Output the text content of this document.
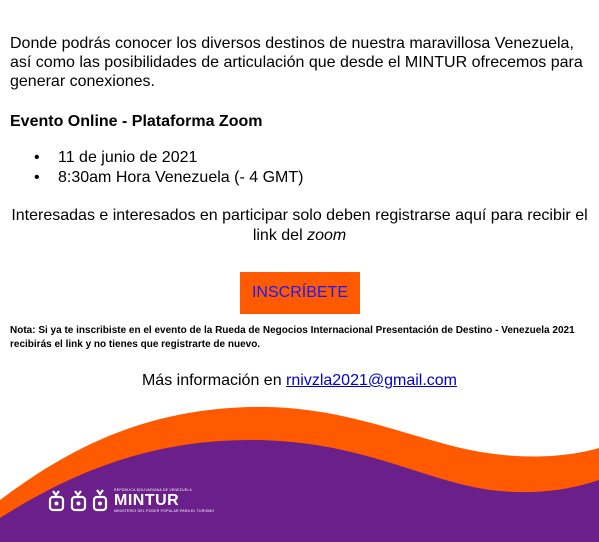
Donde podrás conocer los diversos destinos de nuestra maravillosa Venezuela, así como las posibilidades de articulación que desde el MINTUR ofrecemos para generar conexiones.

Evento Online - Plataforma Zoom

• 11 de junio de 2021
• 8:30am Hora Venezuela (- 4 GMT)

Interesadas e interesados en participar solo deben registrarse aquí para recibir el link del zoom

INSCRÍBETE

Nota: Si ya te inscribiste en el evento de la Rueda de Negocios Internacional Presentación de Destino - Venezuela 2021 recibirás el link y no tienes que registrarte de nuevo.

Más información en rnivzla2021@gmail.com

REPÚBLICA BOLIVARIANA DE VENEZUELA
MINTUR
MINISTERIO DEL PODER POPULAR PARA EL TURISMO
